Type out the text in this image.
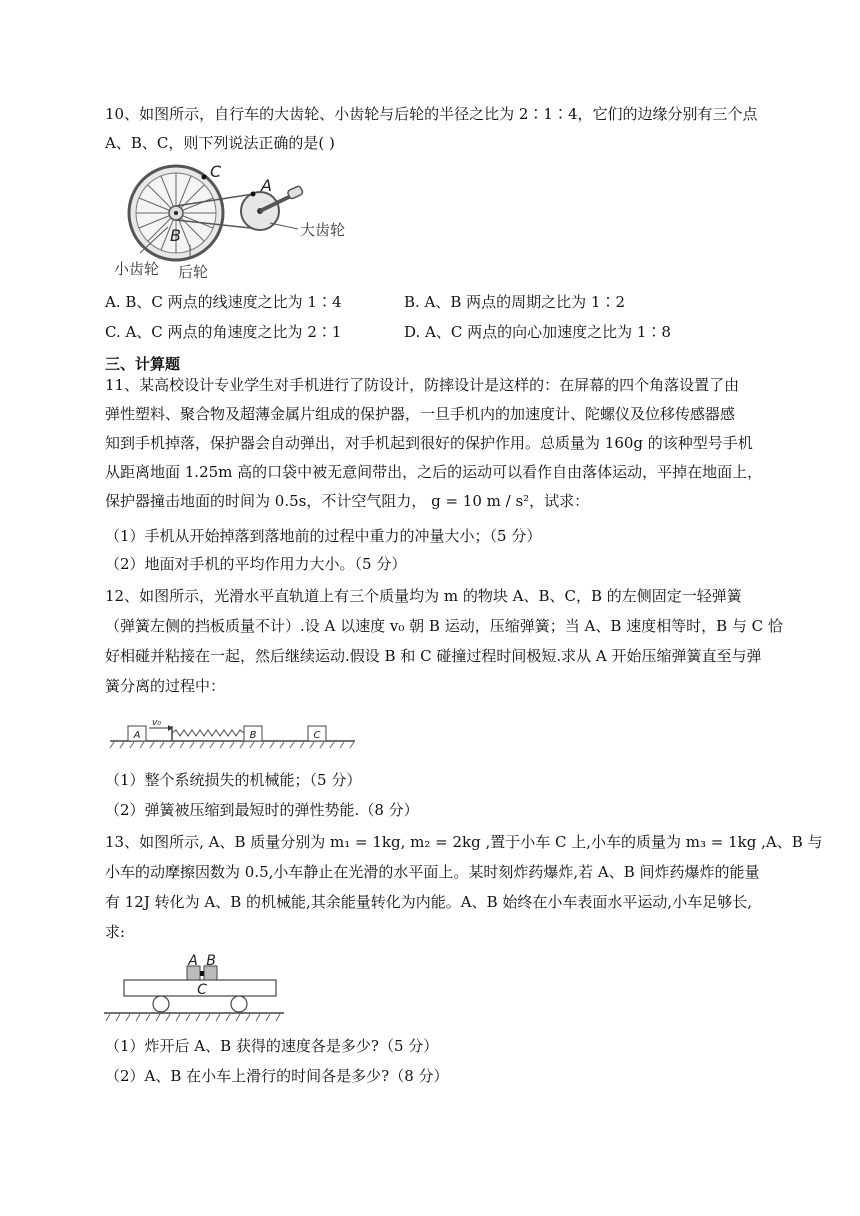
10、如图所示，自行车的大齿轮、小齿轮与后轮的半径之比为 2∶1∶4，它们的边缘分别有三个点
A、B、C，则下列说法正确的是( )
C
A
B	大齿轮
小齿轮 后轮
A. B、C 两点的线速度之比为 1∶4	B. A、B 两点的周期之比为 1∶2
C. A、C 两点的角速度之比为 2∶1	D. A、C 两点的向心加速度之比为 1∶8
三、计算题
11、某高校设计专业学生对手机进行了防设计，防摔设计是这样的：在屏幕的四个角落设置了由
弹性塑料、聚合物及超薄金属片组成的保护器，一旦手机内的加速度计、陀螺仪及位移传感器感
知到手机掉落，保护器会自动弹出，对手机起到很好的保护作用。总质量为 160g 的该种型号手机
从距离地面 1.25m 高的口袋中被无意间带出，之后的运动可以看作自由落体运动，平掉在地面上，
保护器撞击地面的时间为 0.5s，不计空气阻力， g = 10 m / s²，试求：
（1）手机从开始掉落到落地前的过程中重力的冲量大小；（5 分）
（2）地面对手机的平均作用力大小。（5 分）
12、如图所示，光滑水平直轨道上有三个质量均为 m 的物块 A、B、C，B 的左侧固定一轻弹簧
（弹簧左侧的挡板质量不计）.设 A 以速度 v₀ 朝 B 运动，压缩弹簧；当 A、B 速度相等时，B 与 C 恰
好相碰并粘接在一起，然后继续运动.假设 B 和 C 碰撞过程时间极短.求从 A 开始压缩弹簧直至与弹
簧分离的过程中：
A
v₀
B	C
（1）整个系统损失的机械能；（5 分）
（2）弹簧被压缩到最短时的弹性势能.（8 分）
13、如图所示, A、B 质量分别为 m₁ = 1kg, m₂ = 2kg ,置于小车 C 上,小车的质量为 m₃ = 1kg ,A、B 与
小车的动摩擦因数为 0.5,小车静止在光滑的水平面上。某时刻炸药爆炸,若 A、B 间炸药爆炸的能量
有 12J 转化为 A、B 的机械能,其余能量转化为内能。A、B 始终在小车表面水平运动,小车足够长,
求:
A B
C
（1）炸开后 A、B 获得的速度各是多少?（5 分）
（2）A、B 在小车上滑行的时间各是多少?（8 分）
